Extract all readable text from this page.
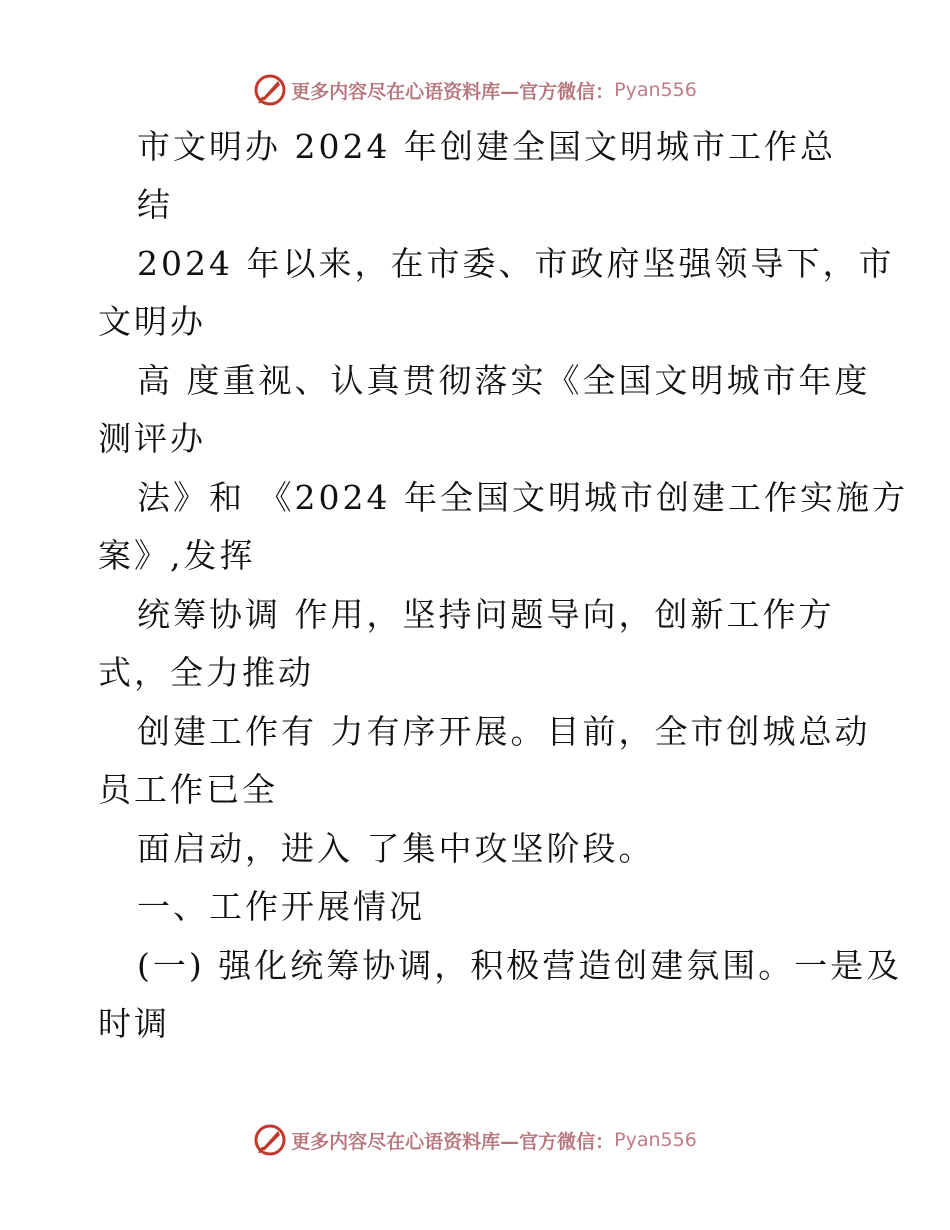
更多内容尽在心语资料库—官方微信： Pyan556
市文明办 2024 年创建全国文明城市工作总
结
2024 年以来，在市委、市政府坚强领导下，市
文明办
高 度重视、认真贯彻落实《全国文明城市年度
测评办
法》和 《2024 年全国文明城市创建工作实施方
案》,发挥
统筹协调 作用，坚持问题导向，创新工作方
式，全力推动
创建工作有 力有序开展。目前，全市创城总动
员工作已全
面启动，进入 了集中攻坚阶段。
一、工作开展情况
(一) 强化统筹协调，积极营造创建氛围。一是及
时调
更多内容尽在心语资料库—官方微信： Pyan556
